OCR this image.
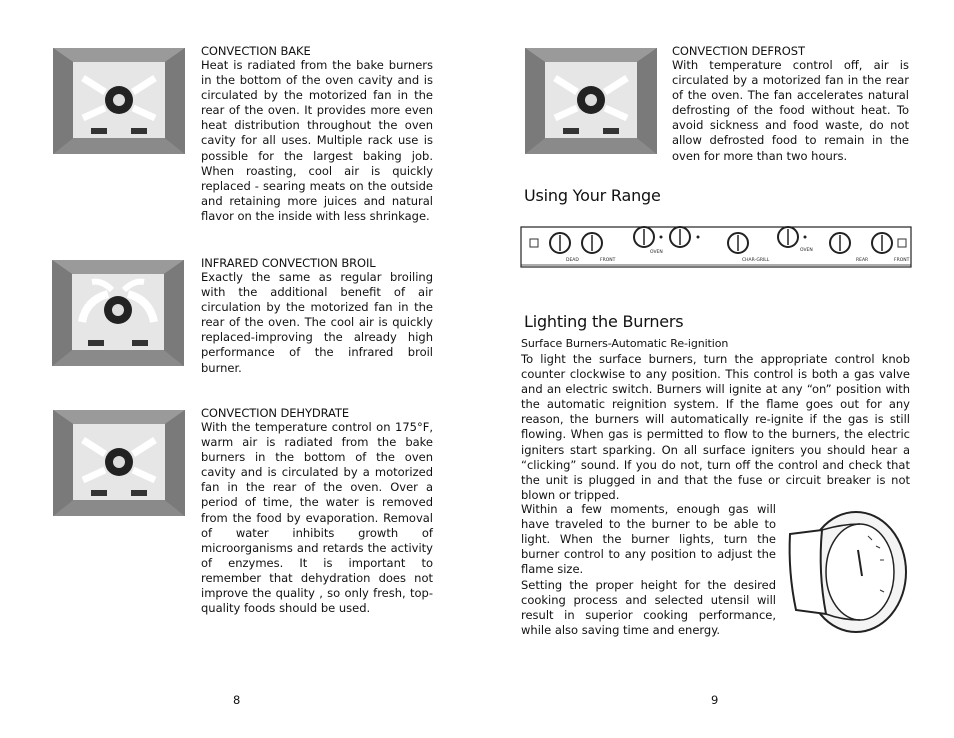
CONVECTION BAKE
Heat is radiated from the bake burners in the bottom of the oven cavity and is circulated by the motorized fan in the rear of the oven. It provides more even heat distribution throughout the oven cavity for all uses. Multiple rack use is possible for the largest baking job. When roasting, cool air is quickly replaced - searing meats on the outside and retaining more juices and natural flavor on the inside with less shrinkage.
INFRARED CONVECTION BROIL
Exactly the same as regular broiling with the additional benefit of air circulation by the motorized fan in the rear of the oven. The cool air is quickly replaced-improving the already high performance of the infrared broil burner.
CONVECTION DEHYDRATE
With the temperature control on 175°F, warm air is radiated from the bake burners in the bottom of the oven cavity and is circulated by a motorized fan in the rear of the oven. Over a period of time, the water is removed from the food by evaporation. Removal of water inhibits growth of microorganisms and retards the activity of enzymes. It is important to remember that dehydration does not improve the quality , so only fresh, top-quality foods should be used.
8
CONVECTION DEFROST
With temperature control off, air is circulated by a motorized fan in the rear of the oven. The fan accelerates natural defrosting of the food without heat. To avoid sickness and food waste, do not allow defrosted food to remain in the oven for more than two hours.
Using Your Range
DEAD	FRONT
OVEN	OVEN
CHAR-GRILL	REAR	FRONT
Lighting the Burners
Surface Burners-Automatic Re-ignition
To light the surface burners, turn the appropriate control knob counter clockwise to any position. This control is both a gas valve and an electric switch. Burners will ignite at any “on” position with the automatic reignition system. If the flame goes out for any reason, the burners will automatically re-ignite if the gas is still flowing. When gas is permitted to flow to the burners, the electric igniters start sparking. On all surface igniters you should hear a “clicking” sound. If you do not, turn off the control and check that the unit is plugged in and that the fuse or circuit breaker is not blown or tripped.
Within a few moments, enough gas will have traveled to the burner to be able to light. When the burner lights, turn the burner control to any position to adjust the flame size.
Setting the proper height for the desired cooking process and selected utensil will result in superior cooking performance, while also saving time and energy.
9
